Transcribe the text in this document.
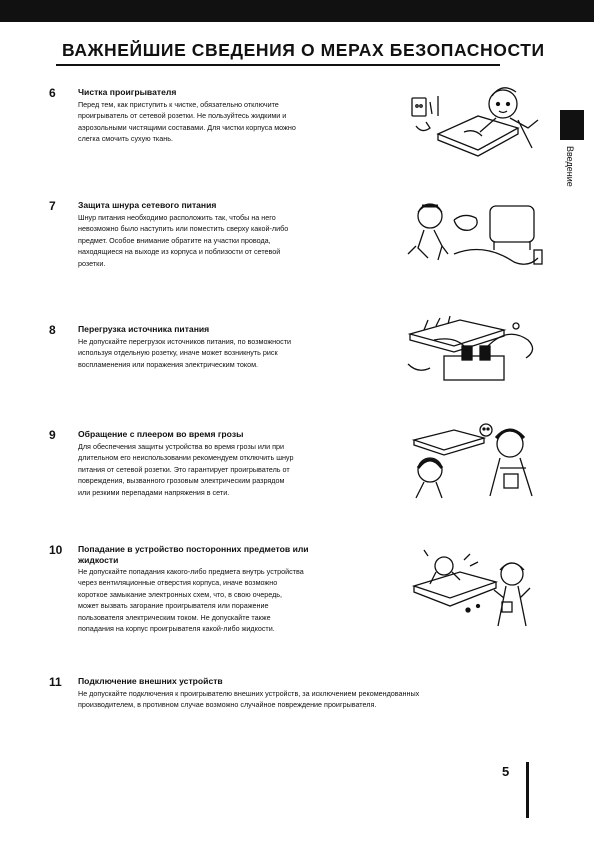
ВАЖНЕЙШИЕ СВЕДЕНИЯ О МЕРАХ БЕЗОПАСНОСТИ
Введение
6	Чистка проигрывателя
Перед тем, как приступить к чистке, обязательно отключите
проигрыватель от сетевой розетки. Не пользуйтесь жидкими и
аэрозольными чистящими составами. Для чистки корпуса можно
слегка смочить сухую ткань.
7	Защита шнура сетевого питания
Шнур питания необходимо расположить так, чтобы на него
невозможно было наступить или поместить сверху какой-либо
предмет. Особое внимание обратите на участки провода,
находящиеся на выходе из корпуса и поблизости от сетевой
розетки.
8	Перегрузка источника питания
Не допускайте перегрузок источников питания, по возможности
используя отдельную розетку, иначе может возникнуть риск
воспламенения или поражения электрическим током.
9	Обращение с плеером во время грозы
Для обеспечения защиты устройства во время грозы или при
длительном его неиспользовании рекомендуем отключить шнур
питания от сетевой розетки. Это гарантирует проигрыватель от
повреждения, вызванного грозовым электрическим разрядом
или резкими перепадами напряжения в сети.
10 Попадание в устройство посторонних предметов или
жидкости
Не допускайте попадания какого-либо предмета внутрь устройства
через вентиляционные отверстия корпуса, иначе возможно
короткое замыкание электронных схем, что, в свою очередь,
может вызвать загорание проигрывателя или поражение
пользователя электрическим током. Не допускайте также
попадания на корпус проигрывателя какой-либо жидкости.
11 Подключение внешних устройств
Не допускайте подключения к проигрывателю внешних устройств, за исключением рекомендованных
производителем, в противном случае возможно случайное повреждение проигрывателя.
5
